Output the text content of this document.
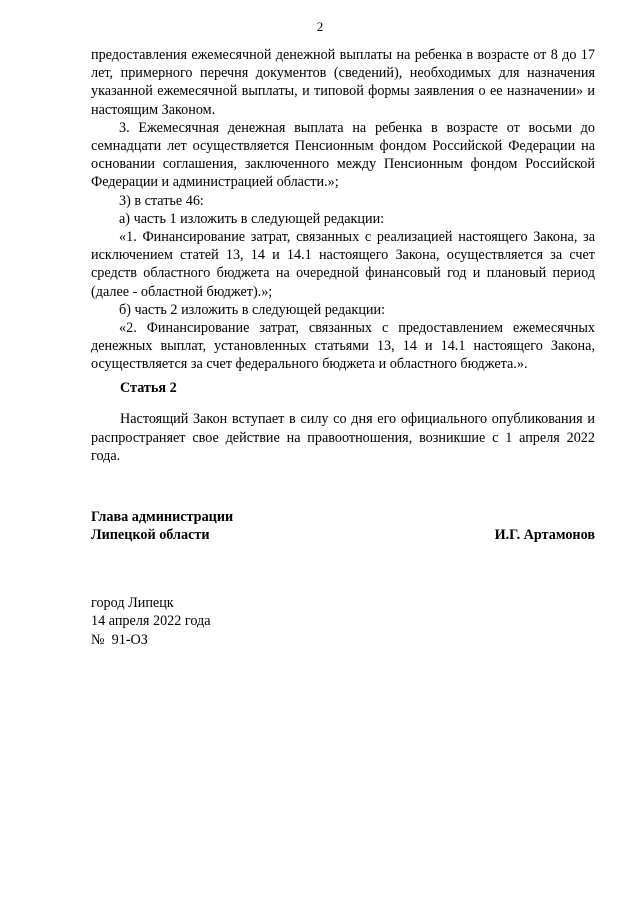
2

предоставления ежемесячной денежной выплаты на ребенка в возрасте от 8 до 17 лет, примерного перечня документов (сведений), необходимых для назначения указанной ежемесячной выплаты, и типовой формы заявления о ее назначении» и настоящим Законом.

3. Ежемесячная денежная выплата на ребенка в возрасте от восьми до семнадцати лет осуществляется Пенсионным фондом Российской Федерации на основании соглашения, заключенного между Пенсионным фондом Российской Федерации и администрацией области.»;

3) в статье 46:

а) часть 1 изложить в следующей редакции:

«1. Финансирование затрат, связанных с реализацией настоящего Закона, за исключением статей 13, 14 и 14.1 настоящего Закона, осуществляется за счет средств областного бюджета на очередной финансовый год и плановый период (далее - областной бюджет).»;

б) часть 2 изложить в следующей редакции:

«2. Финансирование затрат, связанных с предоставлением ежемесячных денежных выплат, установленных статьями 13, 14 и 14.1 настоящего Закона, осуществляется за счет федерального бюджета и областного бюджета.».

Статья 2

Настоящий Закон вступает в силу со дня его официального опубликования и распространяет свое действие на правоотношения, возникшие с 1 апреля 2022 года.

Глава администрации
Липецкой области	И.Г. Артамонов
город Липецк
14 апреля 2022 года
№  91-ОЗ
